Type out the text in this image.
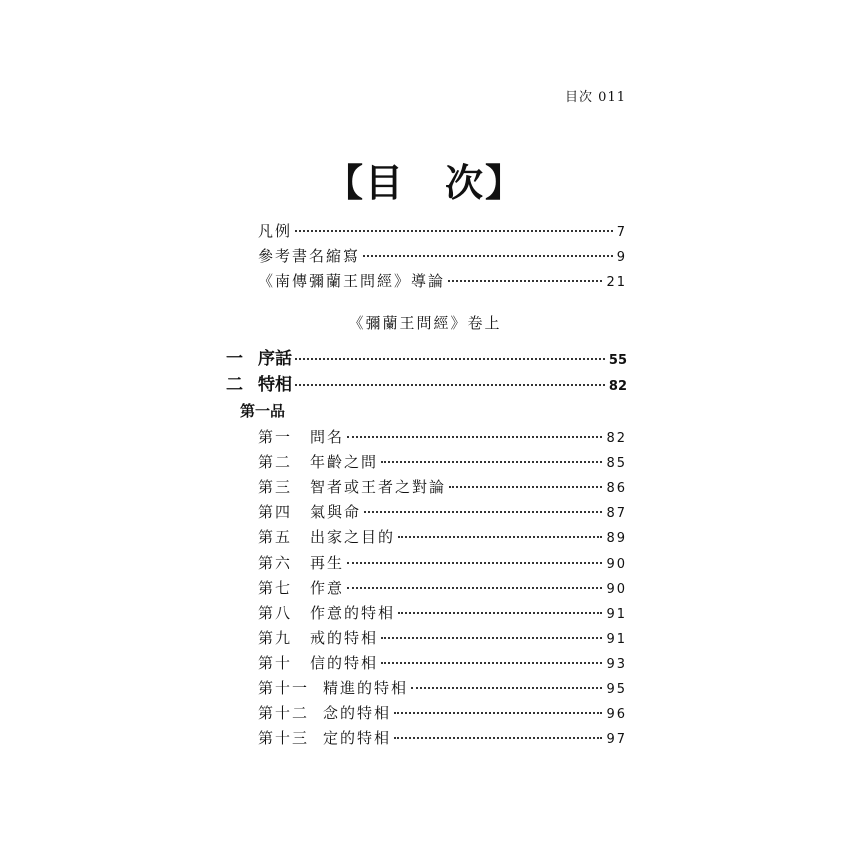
目次 011
【目　次】
凡例	7
參考書名縮寫	9
《南傳彌蘭王問經》導論	21
《彌蘭王問經》卷上
一 序話	55
二 特相	82
第一品
第一 問名	82
第二 年齡之問	85
第三 智者或王者之對論	86
第四 氣與命	87
第五 出家之目的	89
第六 再生	90
第七 作意	90
第八 作意的特相	91
第九 戒的特相	91
第十 信的特相	93
第十一 精進的特相	95
第十二 念的特相	96
第十三 定的特相	97
